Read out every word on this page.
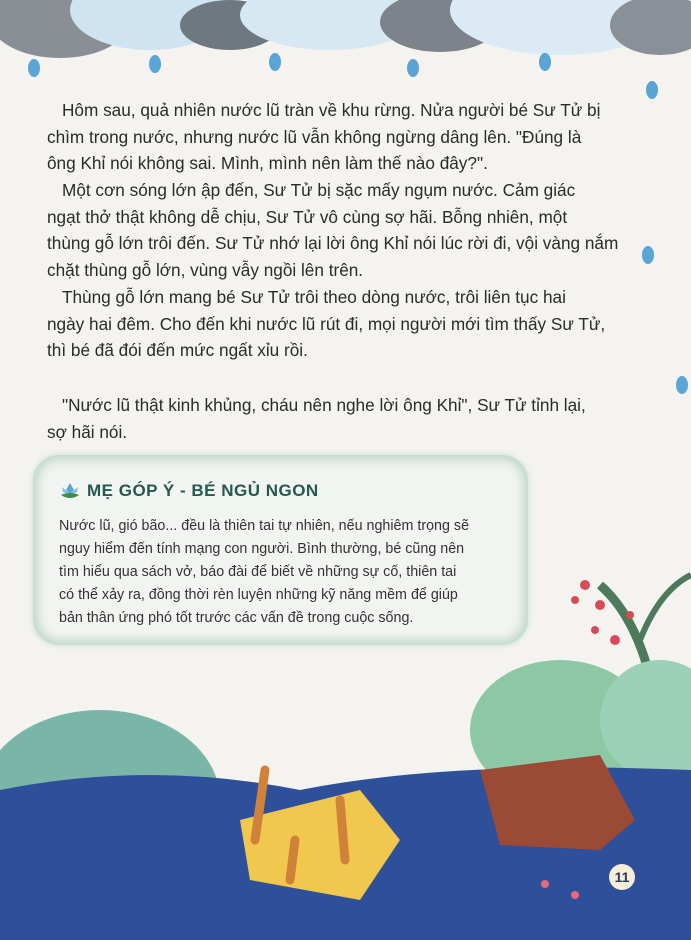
Hôm sau, quả nhiên nước lũ tràn về khu rừng. Nửa người bé Sư Tử bị
chìm trong nước, nhưng nước lũ vẫn không ngừng dâng lên. "Đúng là
ông Khỉ nói không sai. Mình, mình nên làm thế nào đây?".
Một cơn sóng lớn ập đến, Sư Tử bị sặc mấy ngụm nước. Cảm giác
ngạt thở thật không dễ chịu, Sư Tử vô cùng sợ hãi. Bỗng nhiên, một
thùng gỗ lớn trôi đến. Sư Tử nhớ lại lời ông Khỉ nói lúc rời đi, vội vàng nắm
chặt thùng gỗ lớn, vùng vẫy ngồi lên trên.
Thùng gỗ lớn mang bé Sư Tử trôi theo dòng nước, trôi liên tục hai
ngày hai đêm. Cho đến khi nước lũ rút đi, mọi người mới tìm thấy Sư Tử,
thì bé đã đói đến mức ngất xỉu rồi.
"Nước lũ thật kinh khủng, cháu nên nghe lời ông Khỉ", Sư Tử tỉnh lại,
sợ hãi nói.
MẸ GÓP Ý - BÉ NGỦ NGON
Nước lũ, gió bão... đều là thiên tai tự nhiên, nếu nghiêm trọng sẽ
nguy hiểm đến tính mạng con người. Bình thường, bé cũng nên
tìm hiểu qua sách vở, báo đài để biết về những sự cố, thiên tai
có thể xảy ra, đồng thời rèn luyện những kỹ năng mềm để giúp
bản thân ứng phó tốt trước các vấn đề trong cuộc sống.
11
